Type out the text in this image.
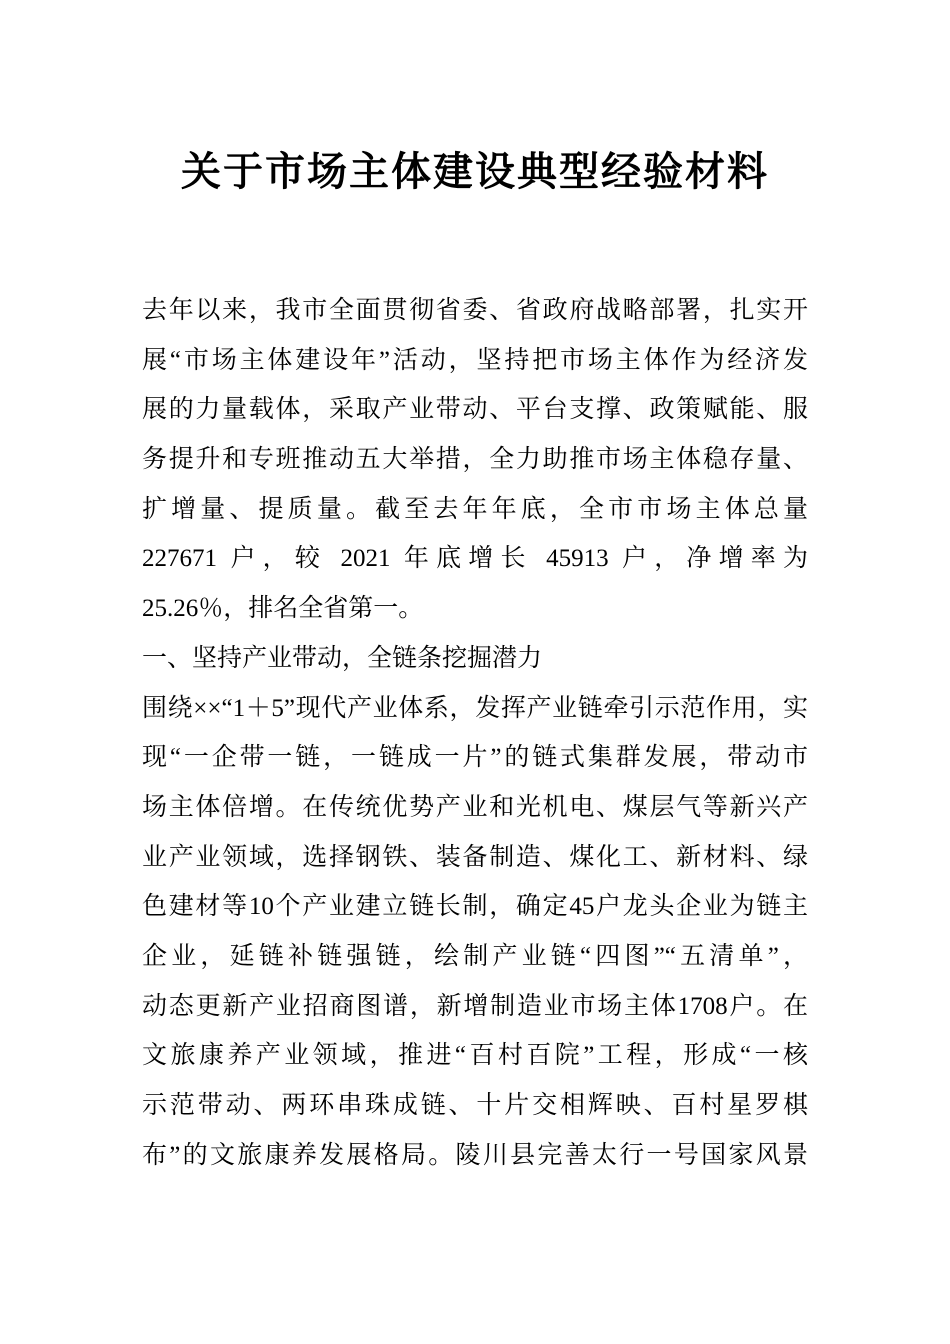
关于市场主体建设典型经验材料
去年以来，我市全面贯彻省委、省政府战略部署，扎实开
展“市场主体建设年”活动，坚持把市场主体作为经济发
展的力量载体，采取产业带动、平台支撑、政策赋能、服
务提升和专班推动五大举措，全力助推市场主体稳存量、
扩增量、提质量。截至去年年底，全市市场主体总量
227671 户，较 2021 年底增长 45913 户，净增率为
25.26％，排名全省第一。
一、坚持产业带动，全链条挖掘潜力
围绕××“1＋5”现代产业体系，发挥产业链牵引示范作用，实
现“一企带一链，一链成一片”的链式集群发展，带动市
场主体倍增。在传统优势产业和光机电、煤层气等新兴产
业产业领域，选择钢铁、装备制造、煤化工、新材料、绿
色建材等10个产业建立链长制，确定45户龙头企业为链主
企业，延链补链强链，绘制产业链“四图”“五清单”，
动态更新产业招商图谱，新增制造业市场主体1708户。在
文旅康养产业领域，推进“百村百院”工程，形成“一核
示范带动、两环串珠成链、十片交相辉映、百村星罗棋
布”的文旅康养发展格局。陵川县完善太行一号国家风景
